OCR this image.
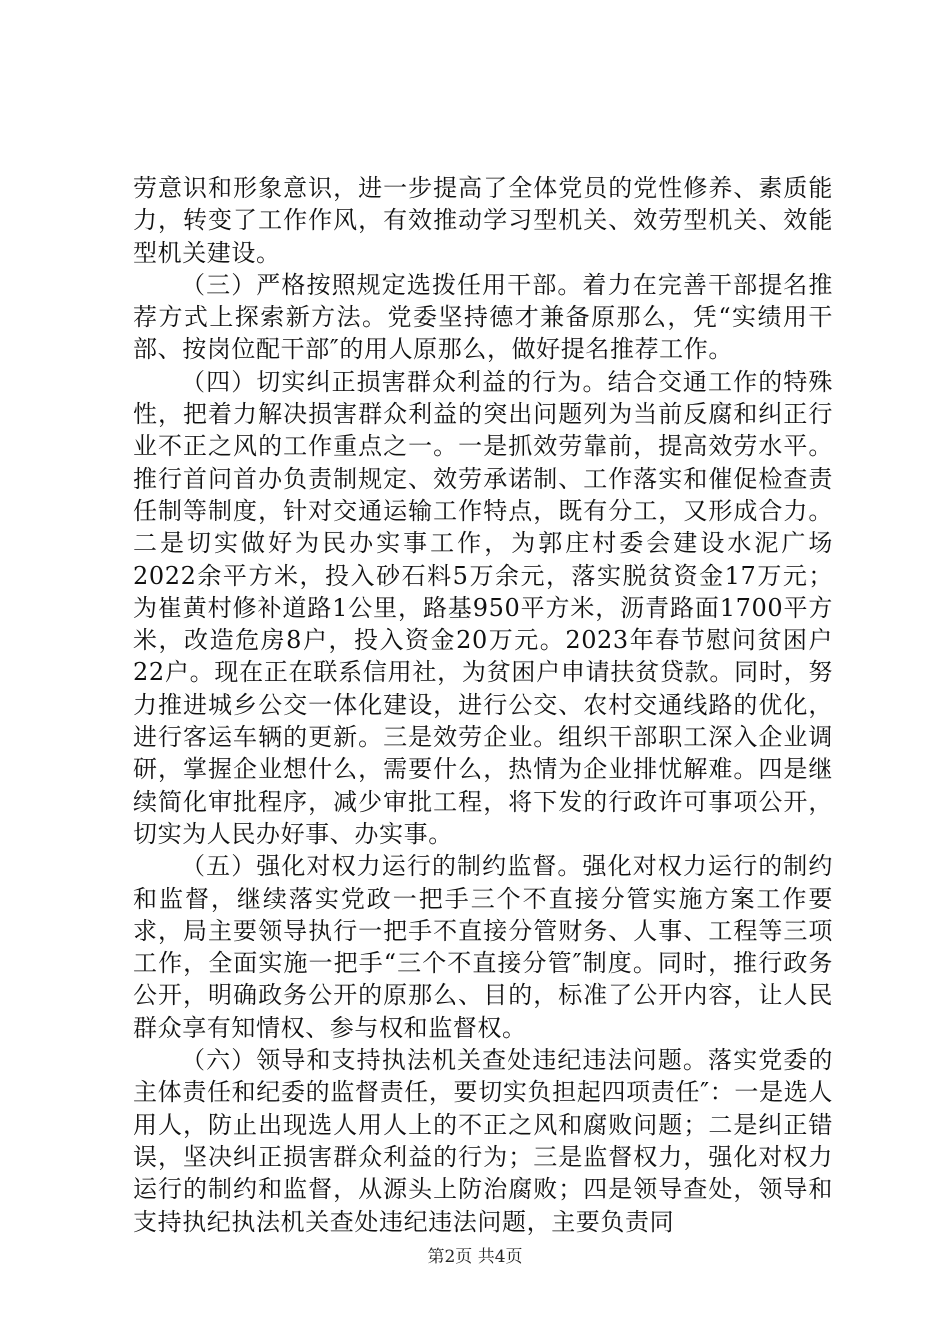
劳意识和形象意识，进一步提高了全体党员的党性修养、素质能力，转变了工作作风，有效推动学习型机关、效劳型机关、效能型机关建设。

（三）严格按照规定选拨任用干部。着力在完善干部提名推荐方式上探索新方法。党委坚持德才兼备原那么，凭“实绩用干部、按岗位配干部″的用人原那么，做好提名推荐工作。

（四）切实纠正损害群众利益的行为。结合交通工作的特殊性，把着力解决损害群众利益的突出问题列为当前反腐和纠正行业不正之风的工作重点之一。一是抓效劳靠前，提高效劳水平。推行首问首办负责制规定、效劳承诺制、工作落实和催促检查责任制等制度，针对交通运输工作特点，既有分工，又形成合力。二是切实做好为民办实事工作，为郭庄村委会建设水泥广场2022余平方米，投入砂石料5万余元，落实脱贫资金17万元；为崔黄村修补道路1公里，路基950平方米，沥青路面1700平方米，改造危房8户，投入资金20万元。2023年春节慰问贫困户22户。现在正在联系信用社，为贫困户申请扶贫贷款。同时，努力推进城乡公交一体化建设，进行公交、农村交通线路的优化，进行客运车辆的更新。三是效劳企业。组织干部职工深入企业调研，掌握企业想什么，需要什么，热情为企业排忧解难。四是继续简化审批程序，减少审批工程，将下发的行政许可事项公开，切实为人民办好事、办实事。

（五）强化对权力运行的制约监督。强化对权力运行的制约和监督，继续落实党政一把手三个不直接分管实施方案工作要求，局主要领导执行一把手不直接分管财务、人事、工程等三项工作，全面实施一把手“三个不直接分管″制度。同时，推行政务公开，明确政务公开的原那么、目的，标准了公开内容，让人民群众享有知情权、参与权和监督权。

（六）领导和支持执法机关查处违纪违法问题。落实党委的主体责任和纪委的监督责任，要切实负担起四项责任″：一是选人用人，防止出现选人用人上的不正之风和腐败问题；二是纠正错误，坚决纠正损害群众利益的行为；三是监督权力，强化对权力运行的制约和监督，从源头上防治腐败；四是领导查处，领导和支持执纪执法机关查处违纪违法问题，主要负责同

第2页 共4页
